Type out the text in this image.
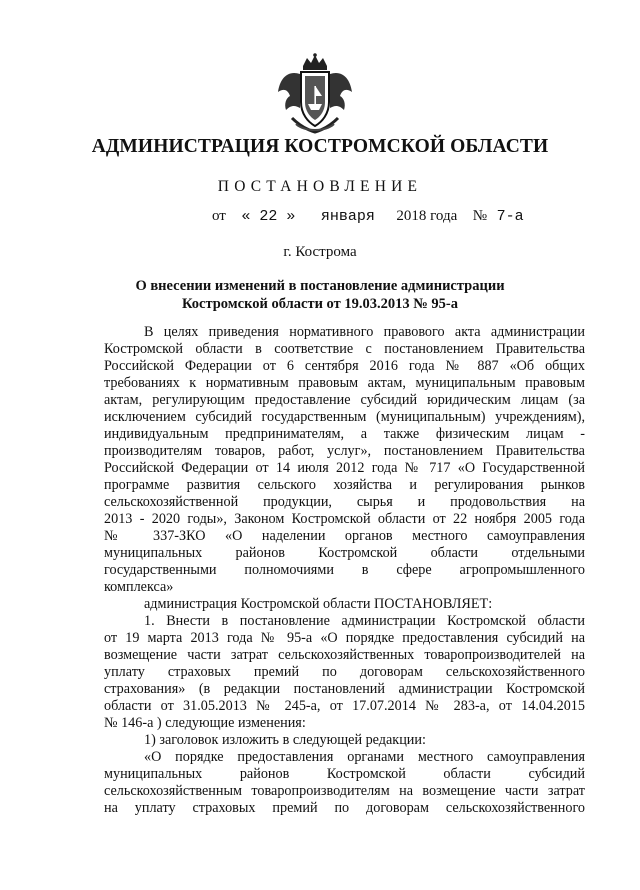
АДМИНИСТРАЦИЯ КОСТРОМСКОЙ ОБЛАСТИ
ПОСТАНОВЛЕНИЕ
от « 22 » января 2018 года № 7-а
г. Кострома
О внесении изменений в постановление администрации
Костромской области от 19.03.2013 № 95-а
В целях приведения нормативного правового акта администрации
Костромской области в соответствие с постановлением Правительства
Российской Федерации от 6 сентября 2016 года № 887 «Об общих
требованиях к нормативным правовым актам, муниципальным правовым
актам, регулирующим предоставление субсидий юридическим лицам (за
исключением субсидий государственным (муниципальным) учреждениям),
индивидуальным предпринимателям, а также физическим лицам -
производителям товаров, работ, услуг», постановлением Правительства
Российской Федерации от 14 июля 2012 года № 717 «О Государственной
программе развития сельского хозяйства и регулирования рынков
сельскохозяйственной продукции, сырья и продовольствия на
2013 - 2020 годы», Законом Костромской области от 22 ноября 2005 года
№ 337-ЗКО «О наделении органов местного самоуправления
муниципальных районов Костромской области отдельными
государственными полномочиями в сфере агропромышленного
комплекса»
администрация Костромской области ПОСТАНОВЛЯЕТ:
1. Внести в постановление администрации Костромской области
от 19 марта 2013 года № 95-а «О порядке предоставления субсидий на
возмещение части затрат сельскохозяйственных товаропроизводителей на
уплату страховых премий по договорам сельскохозяйственного
страхования» (в редакции постановлений администрации Костромской
области от 31.05.2013 № 245-а, от 17.07.2014 № 283-а, от 14.04.2015
№ 146-а ) следующие изменения:
1) заголовок изложить в следующей редакции:
«О порядке предоставления органами местного самоуправления
муниципальных районов Костромской области субсидий
сельскохозяйственным товаропроизводителям на возмещение части затрат
на уплату страховых премий по договорам сельскохозяйственного
